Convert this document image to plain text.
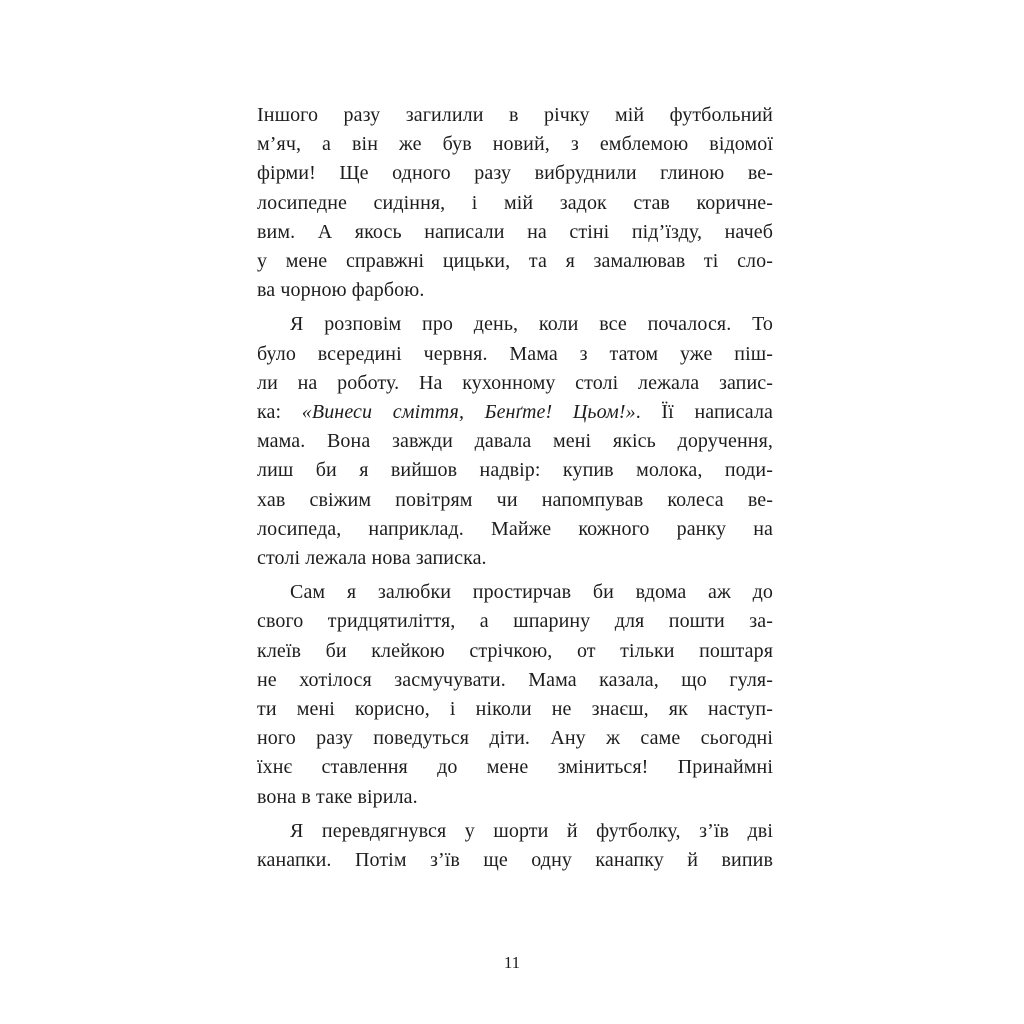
Іншого разу загилили в річку мій футбольний
м’яч, а він же був новий, з емблемою відомої
фірми! Ще одного разу вибруднили глиною ве-
лосипедне сидіння, і мій задок став коричне-
вим. А якось написали на стіні під’їзду, начеб
у мене справжні цицьки, та я замалював ті сло-
ва чорною фарбою.

Я розповім про день, коли все почалося. То
було всередині червня. Мама з татом уже піш-
ли на роботу. На кухонному столі лежала запис-
ка: «Винеси сміття, Бенґте! Цьом!». Її написала
мама. Вона завжди давала мені якісь доручення,
лиш би я вийшов надвір: купив молока, поди-
хав свіжим повітрям чи напомпував колеса ве-
лосипеда, наприклад. Майже кожного ранку на
столі лежала нова записка.

Сам я залюбки простирчав би вдома аж до
свого тридцятиліття, а шпарину для пошти за-
клеїв би клейкою стрічкою, от тільки поштаря
не хотілося засмучувати. Мама казала, що гуля-
ти мені корисно, і ніколи не знаєш, як наступ-
ного разу поведуться діти. Ану ж саме сьогодні
їхнє ставлення до мене зміниться! Принаймні
вона в таке вірила.

Я перевдягнувся у шорти й футболку, з’їв дві
канапки. Потім з’їв ще одну канапку й випив

11
